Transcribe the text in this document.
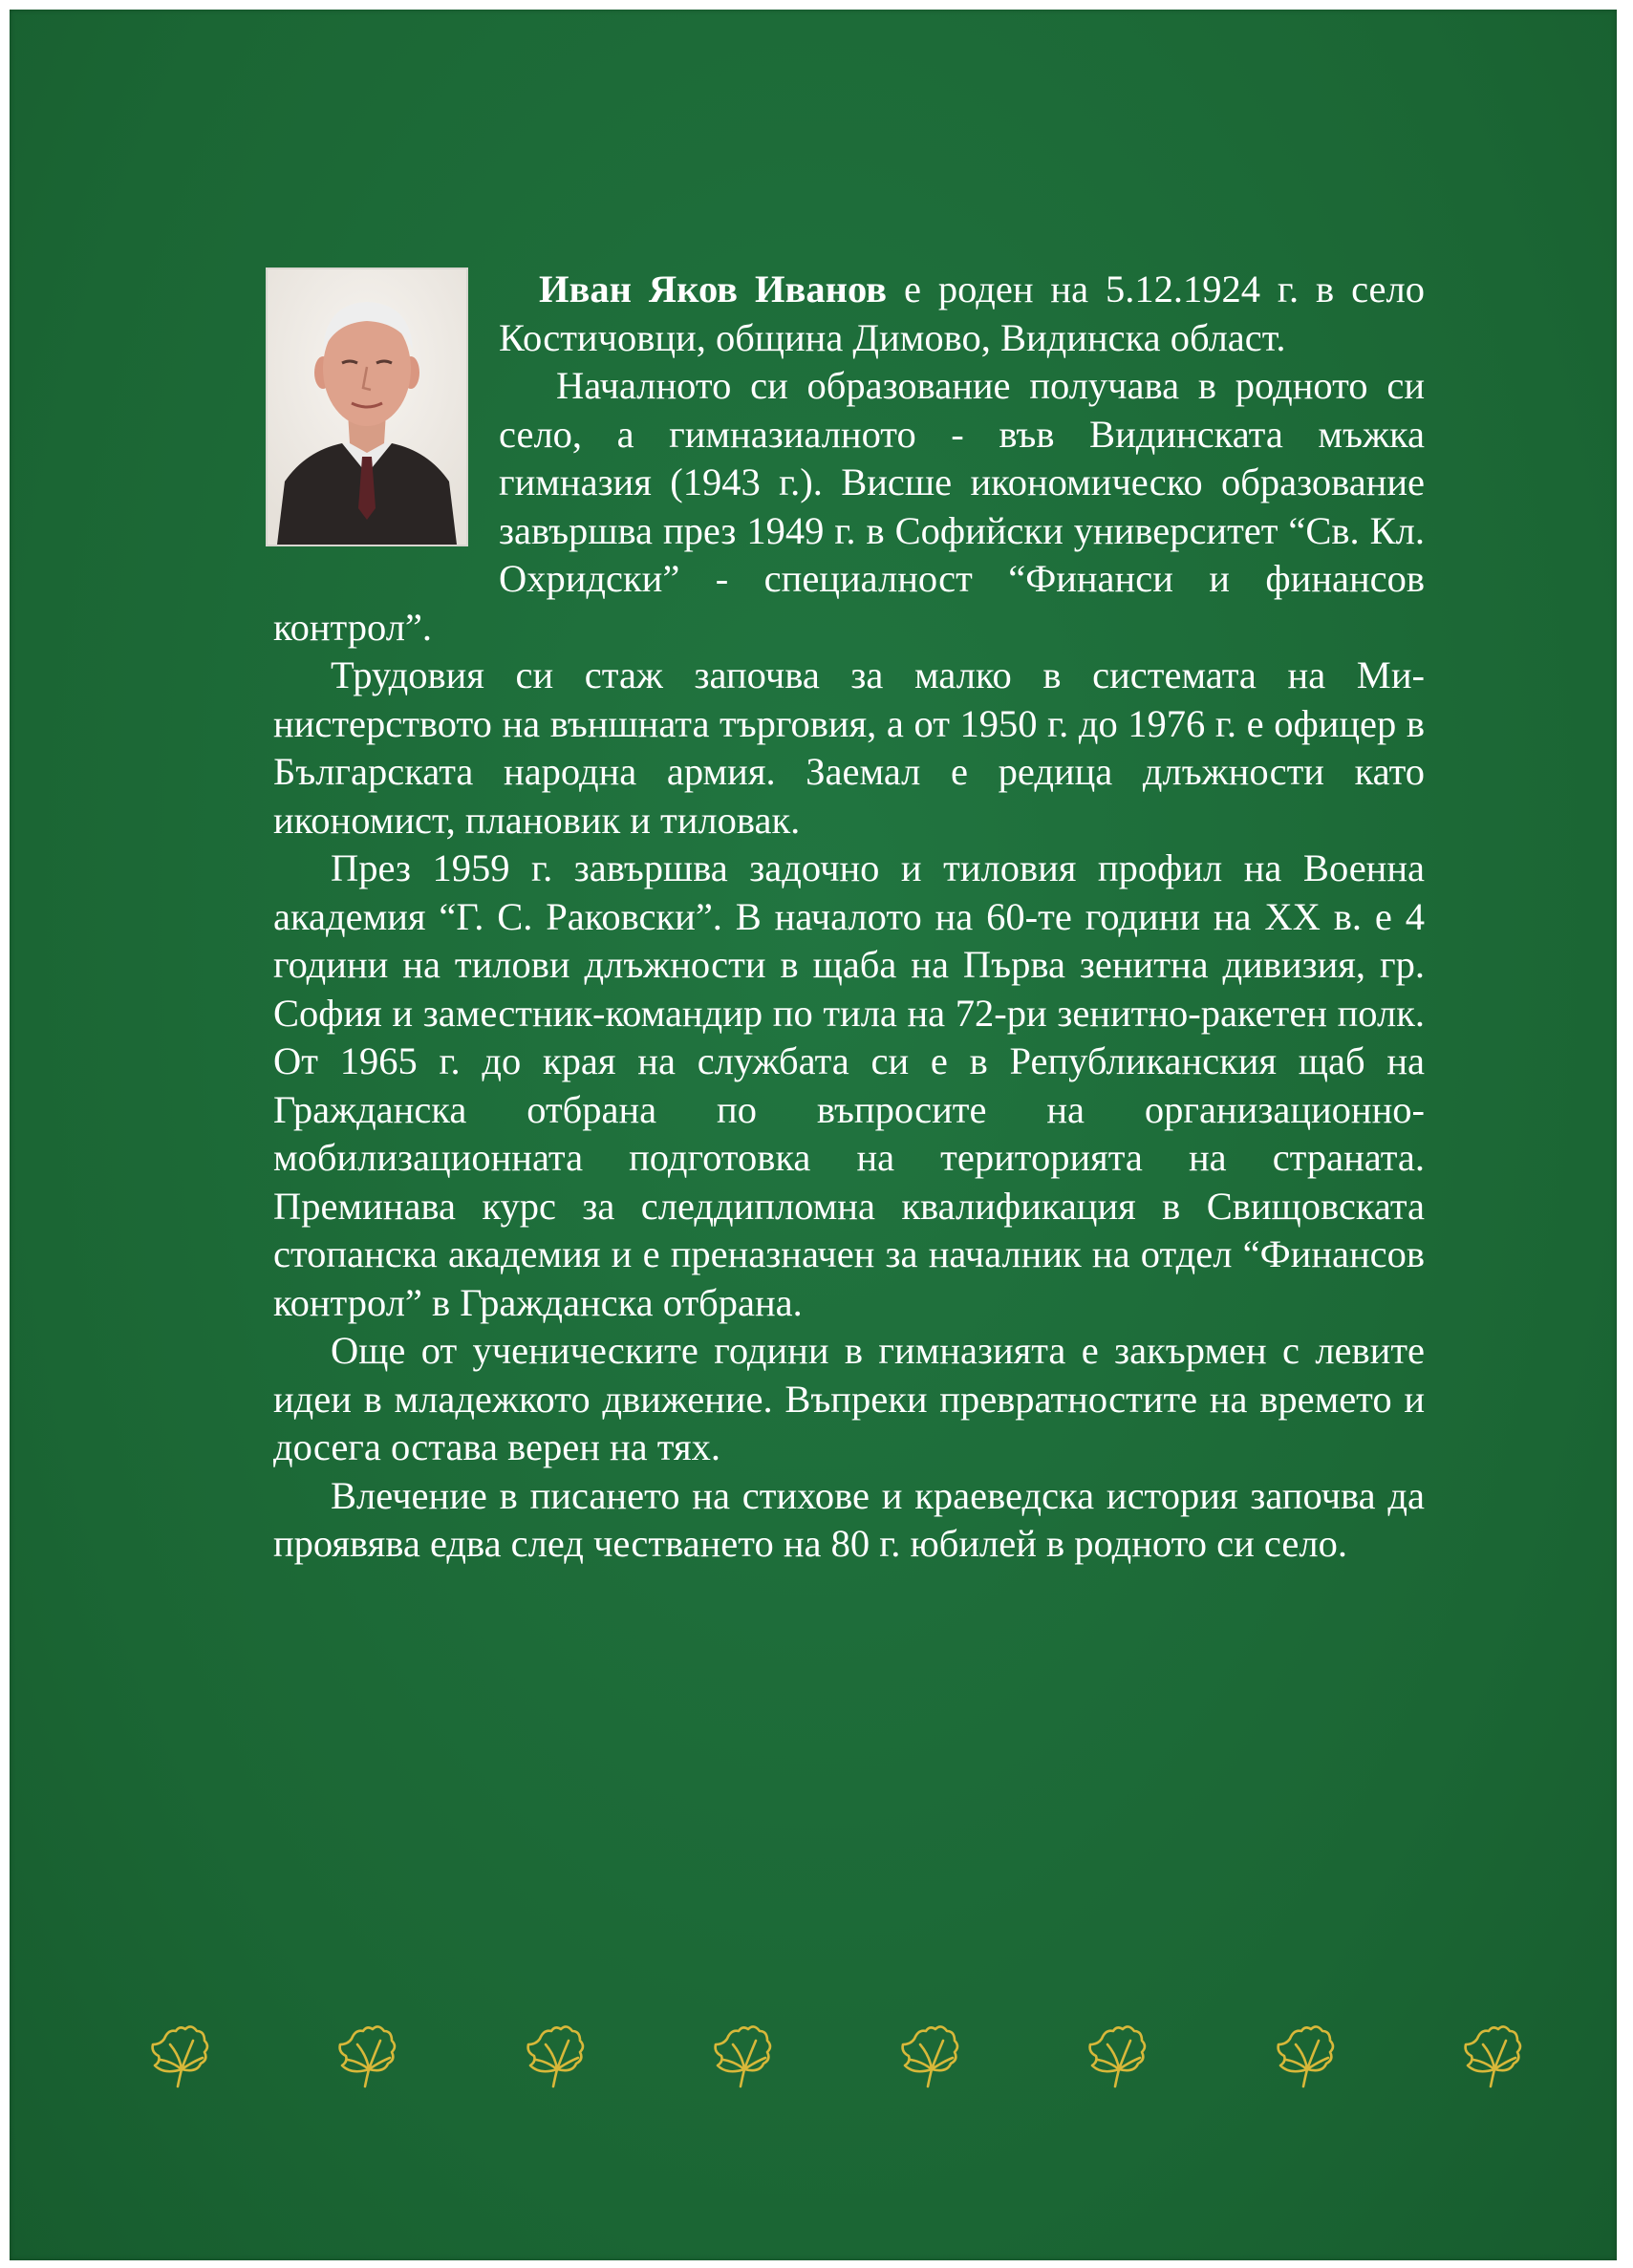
Иван Яков Иванов е роден на 5.12.1924 г. в село Костичовци, община Димово, Видинска област.

Началното си образование получава в родното си село, а гимназиалното - във Видинската мъжка гимназия (1943 г.). Висше икономическо образование завършва през 1949 г. в Софийски университет “Св. Кл. Охридски” - специалност “Финанси и финансов контрол”.

Трудовия си стаж започва за малко в системата на Министерството на външната търговия, а от 1950 г. до 1976 г. е офицер в Българската народна армия. Заемал е редица длъжности като икономист, плановик и тиловак.

През 1959 г. завършва задочно и тиловия профил на Военна академия “Г. С. Раковски”. В началото на 60-те години на XX в. е 4 години на тилови длъжности в щаба на Първа зенитна дивизия, гр. София и заместник-командир по тила на 72-ри зенитно-ракетен полк. От 1965 г. до края на службата си е в Републиканския щаб на Гражданска отбрана по въпросите на организационно-мобилизационната подготовка на територията на страната. Преминава курс за следдипломна квалификация в Свищовската стопанска академия и е преназначен за началник на отдел “Финансов контрол” в Гражданска отбрана.

Още от ученическите години в гимназията е закърмен с левите идеи в младежкото движение. Въпреки превратностите на времето и досега остава верен на тях.

Влечение в писането на стихове и краеведска история започва да проявява едва след честването на 80 г. юбилей в родното си село.
